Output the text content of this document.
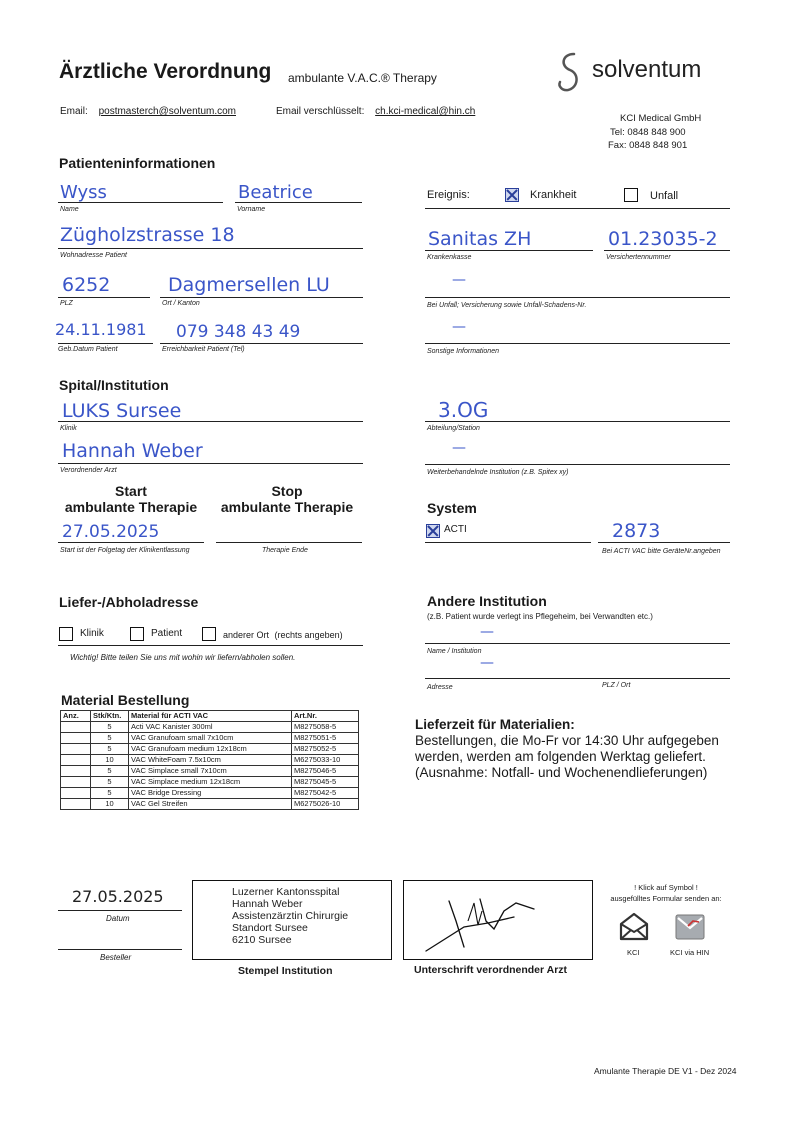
Ärztliche Verordnung ambulante V.A.C.® Therapy	solventum
Email: postmasterch@solventum.com	Email verschlüsselt: ch.kci-medical@hin.ch
KCI Medical GmbH
Tel: 0848 848 900
Fax: 0848 848 901
Patienteninformationen
Wyss
Name
Beatrice
Vorname
Zügholzstrasse 18
Wohnadresse Patient
6252
PLZ
Dagmersellen LU
Ort / Kanton
24.11.1981
Geb.Datum Patient
079 348 43 49
Erreichbarkeit Patient (Tel)
Ereignis:	Krankheit	Unfall
Sanitas ZH
Krankenkasse
01.23035-2
Versichertennummer
—
Bei Unfall; Versicherung sowie Unfall-Schadens-Nr.
—
Sonstige Informationen
Spital/Institution
LUKS Sursee
Klinik
Hannah Weber
Verordnender Arzt
3.OG
Abteilung/Station
—
Weiterbehandelnde Institution (z.B. Spitex xy)
Start
ambulante Therapie
Stop
ambulante Therapie
27.05.2025
Start ist der Folgetag der Klinikentlassung	Therapie Ende
System
ACTI	2873
Bei ACTI VAC bitte GeräteNr.angeben
Liefer-/Abholadresse
Klinik	Patient	anderer Ort (rechts angeben)
Wichtig! Bitte teilen Sie uns mit wohin wir liefern/abholen sollen.
Andere Institution
(z.B. Patient wurde verlegt ins Pflegeheim, bei Verwandten etc.)
—
Name / Institution
—
Adresse	PLZ / Ort
Material Bestellung
Anz.	Stk/Ktn.	Material für ACTI VAC	Art.Nr.
	5	Acti VAC Kanister 300ml	M8275058-5
	5	VAC Granufoam small 7x10cm	M8275051-5
	5	VAC Granufoam medium 12x18cm	M8275052-5
	10	VAC WhiteFoam 7.5x10cm	M6275033-10
	5	VAC Simplace small 7x10cm	M8275046-5
	5	VAC Simplace medium 12x18cm	M8275045-5
	5	VAC Bridge Dressing	M8275042-5
	10	VAC Gel Streifen	M6275026-10
Lieferzeit für Materialien:
Bestellungen, die Mo-Fr vor 14:30 Uhr aufgegeben
werden, werden am folgenden Werktag geliefert.
(Ausnahme: Notfall- und Wochenendlieferungen)
27.05.2025
Datum
Besteller
Luzerner Kantonsspital
Hannah Weber
Assistenzärztin Chirurgie
Standort Sursee
6210 Sursee
Stempel Institution	Unterschrift verordnender Arzt
! Klick auf Symbol !
ausgefülltes Formular senden an:
KCI	KCI via HIN
Amulante Therapie DE V1 - Dez 2024
